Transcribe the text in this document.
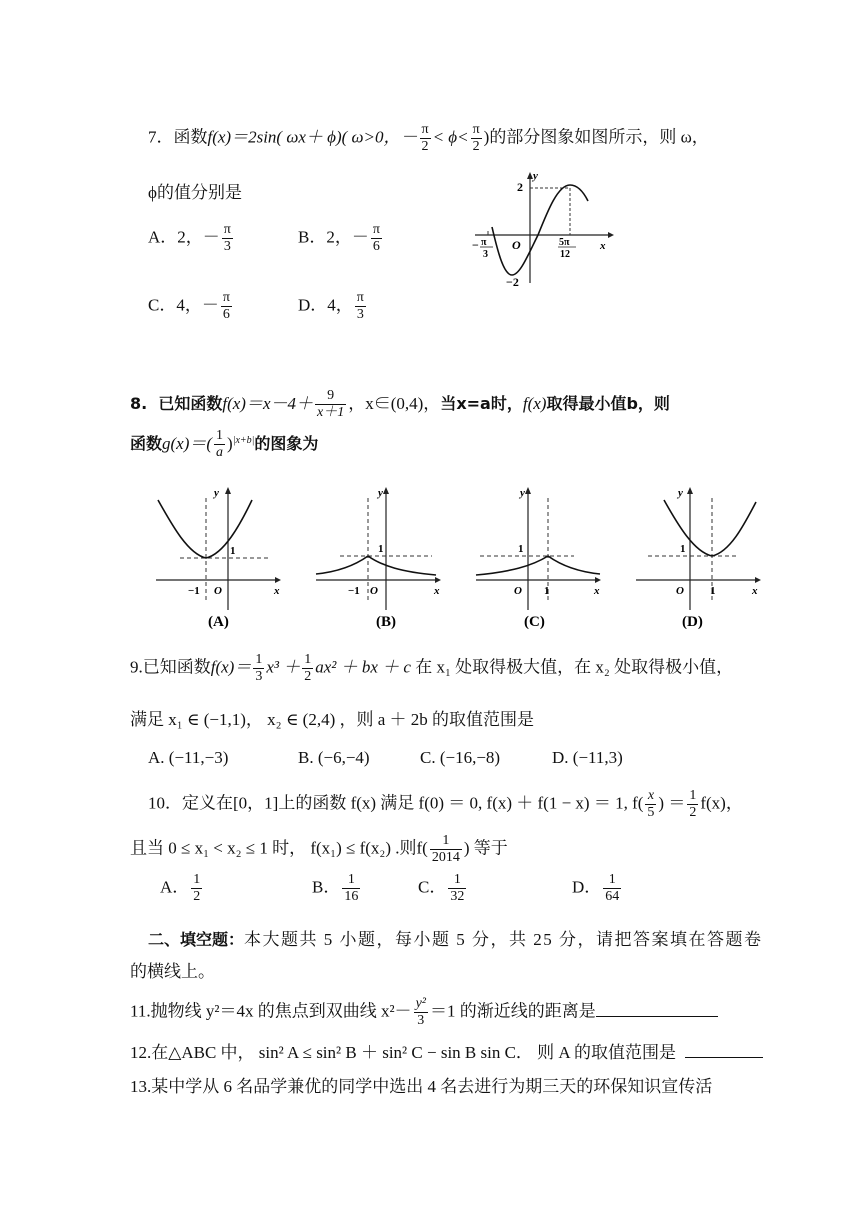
7．函数f(x)＝2sin( ωx＋ ϕ)( ω>0，－ $\frac{\pi}{2} < \phi< \frac{\pi}{2}$ )的部分图象如图所示，则 ω，
ϕ的值分别是
A．2，－ $\frac{\pi}{3}$	B．2，－ $\frac{\pi}{6}$
C．4，－ $\frac{\pi}{6}$	D．4， $\frac{\pi}{3}$
y
x
2
−2
O
− π
3
5π
12
8. 已知函数$f(x)=x-4+ \frac{9}{x+1}$ ，x∈(0,4)，当x=a时，f(x)取得最小值b，则
函数$g(x)=( \frac{1}{a} )^{|x+b|}$的图象为
y
x
1
−1 O
(A)
y
x
1
−1 O
(B)
y
x
1
1
O
(C)
y
x
1
1
O
(D)
9.已知函数$f(x)= \frac{1}{3} x^3 + \frac{1}{2} ax^2$ ＋ bx ＋ c 在 x₁ 处取得极大值，在 x₂ 处取得极小值，
满足 x₁ ∈ (−1,1)， x₂ ∈ (2,4) ，则 a ＋ 2b 的取值范围是
A. (−11,−3)	B. (−6,−4)	C. (−16,−8)	D. (−11,3)
10．定义在[0，1]上的函数 f(x) 满足 f(0) ＝ 0, f(x) ＋ f(1 − x) ＝ 1, $f( \frac{x}{5}$ ) ＝ $\frac{1}{2} f(x)$，
且当 0 ≤ x₁ < x₂ ≤ 1 时， f(x₁) ≤ f(x₂) .则$f( \frac{1}{2014}$ ) 等于
A． $\frac{1}{2}$	B． $\frac{1}{16}$	C． $\frac{1}{32}$	D． $\frac{1}{64}$
二、填空题：本大题共 5 小题，每小题 5 分，共 25 分，请把答案填在答题卷
的横线上。
11.抛物线 y²＝4x 的焦点到双曲线 $x^2- \frac{\text{y²}}{3} =1$ 的渐近线的距离是
12.在△ABC 中， sin² A ≤ sin² B ＋ sin² C − sin B sin C． 则 A 的取值范围是
13.某中学从 6 名品学兼优的同学中选出 4 名去进行为期三天的环保知识宣传活
